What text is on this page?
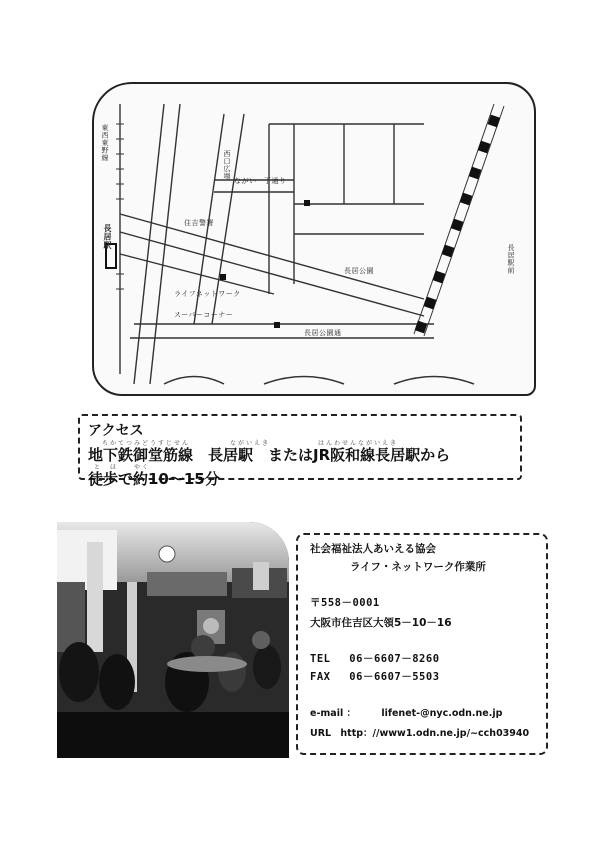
東西東野線
長居駅
住吉警署
ライフネットワーク
スーパーコーナー
長居公園通
ながい一丁通り
長居公園
西口広場
長居駅前
アクセス
ちかてつみどうすじせん　　　　　ながいえき　　　　　　はんわせんながいえき
地下鉄御堂筋線　長居駅　またはJR阪和線長居駅から
と　ほ　　やく
徒歩で約10～15分
社会福祉法人あいえる協会
ライフ・ネットワーク作業所
〒558－0001
大阪市住吉区大領5－10－16
TEL 06－6607－8260
FAX 06－6607－5503
e-mail ：	lifenet-@nyc.odn.ne.jp
URL http：//www1.odn.ne.jp/~cch03940
